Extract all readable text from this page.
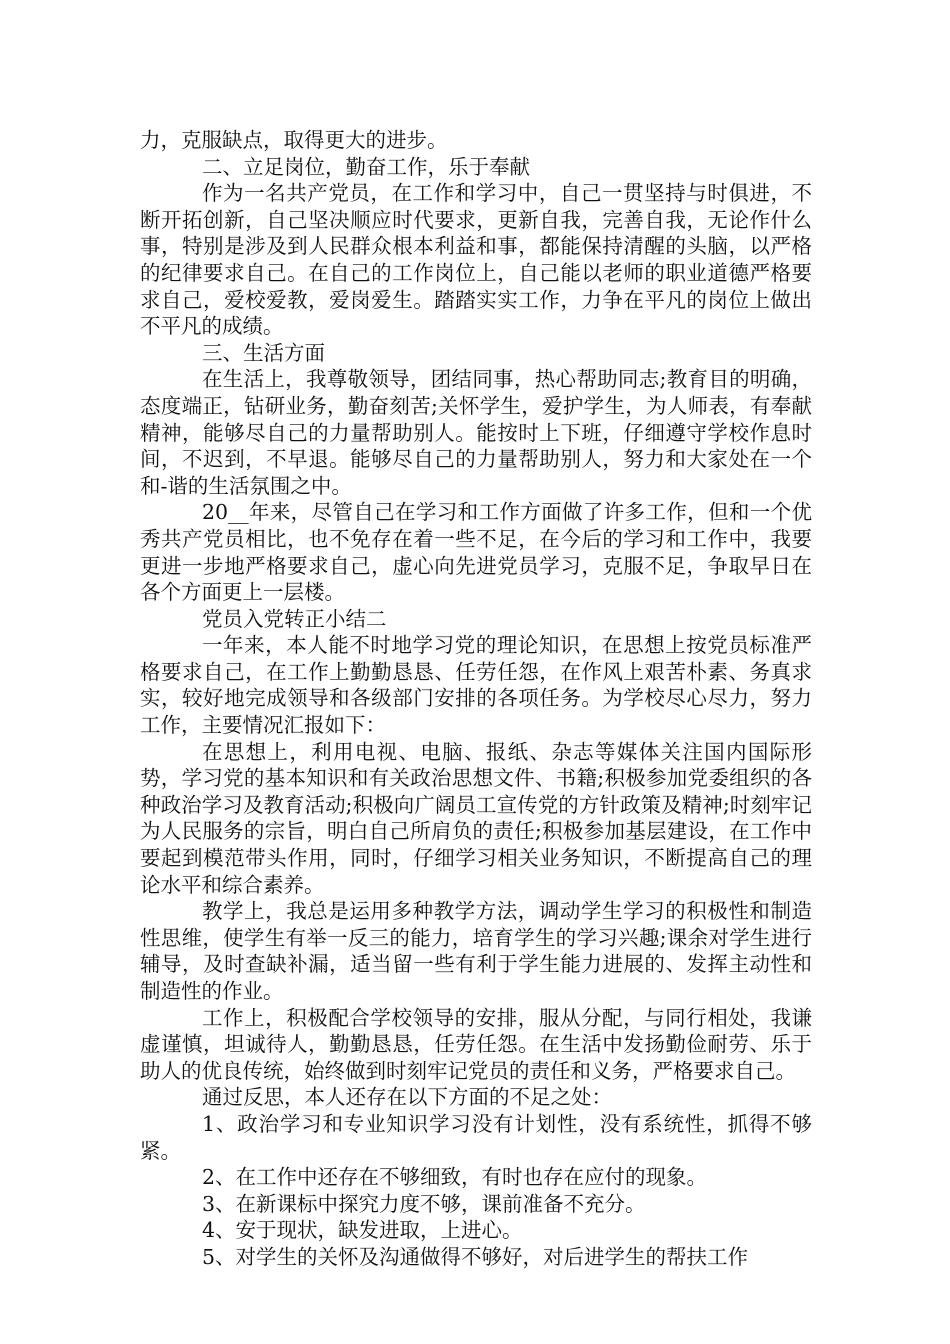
力，克服缺点，取得更大的进步。

二、立足岗位，勤奋工作，乐于奉献

作为一名共产党员，在工作和学习中，自己一贯坚持与时俱进，不断开拓创新，自己坚决顺应时代要求，更新自我，完善自我，无论作什么事，特别是涉及到人民群众根本利益和事，都能保持清醒的头脑，以严格的纪律要求自己。在自己的工作岗位上，自己能以老师的职业道德严格要求自己，爱校爱教，爱岗爱生。踏踏实实工作，力争在平凡的岗位上做出不平凡的成绩。

三、生活方面

在生活上，我尊敬领导，团结同事，热心帮助同志;教育目的明确，态度端正，钻研业务，勤奋刻苦;关怀学生，爱护学生，为人师表，有奉献精神，能够尽自己的力量帮助别人。能按时上下班，仔细遵守学校作息时间，不迟到，不早退。能够尽自己的力量帮助别人，努力和大家处在一个和-谐的生活氛围之中。

20__年来，尽管自己在学习和工作方面做了许多工作，但和一个优秀共产党员相比，也不免存在着一些不足，在今后的学习和工作中，我要更进一步地严格要求自己，虚心向先进党员学习，克服不足，争取早日在各个方面更上一层楼。

党员入党转正小结二

一年来，本人能不时地学习党的理论知识，在思想上按党员标准严格要求自己，在工作上勤勤恳恳、任劳任怨，在作风上艰苦朴素、务真求实，较好地完成领导和各级部门安排的各项任务。为学校尽心尽力，努力工作，主要情况汇报如下：

在思想上，利用电视、电脑、报纸、杂志等媒体关注国内国际形势，学习党的基本知识和有关政治思想文件、书籍;积极参加党委组织的各种政治学习及教育活动;积极向广阔员工宣传党的方针政策及精神;时刻牢记为人民服务的宗旨，明白自己所肩负的责任;积极参加基层建设，在工作中要起到模范带头作用，同时，仔细学习相关业务知识，不断提高自己的理论水平和综合素养。

教学上，我总是运用多种教学方法，调动学生学习的积极性和制造性思维，使学生有举一反三的能力，培育学生的学习兴趣;课余对学生进行辅导，及时查缺补漏，适当留一些有利于学生能力进展的、发挥主动性和制造性的作业。

工作上，积极配合学校领导的安排，服从分配，与同行相处，我谦虚谨慎，坦诚待人，勤勤恳恳，任劳任怨。在生活中发扬勤俭耐劳、乐于助人的优良传统，始终做到时刻牢记党员的责任和义务，严格要求自己。

通过反思，本人还存在以下方面的不足之处：

1、政治学习和专业知识学习没有计划性，没有系统性，抓得不够紧。

2、在工作中还存在不够细致，有时也存在应付的现象。

3、在新课标中探究力度不够，课前准备不充分。

4、安于现状，缺发进取，上进心。

5、对学生的关怀及沟通做得不够好，对后进学生的帮扶工作
